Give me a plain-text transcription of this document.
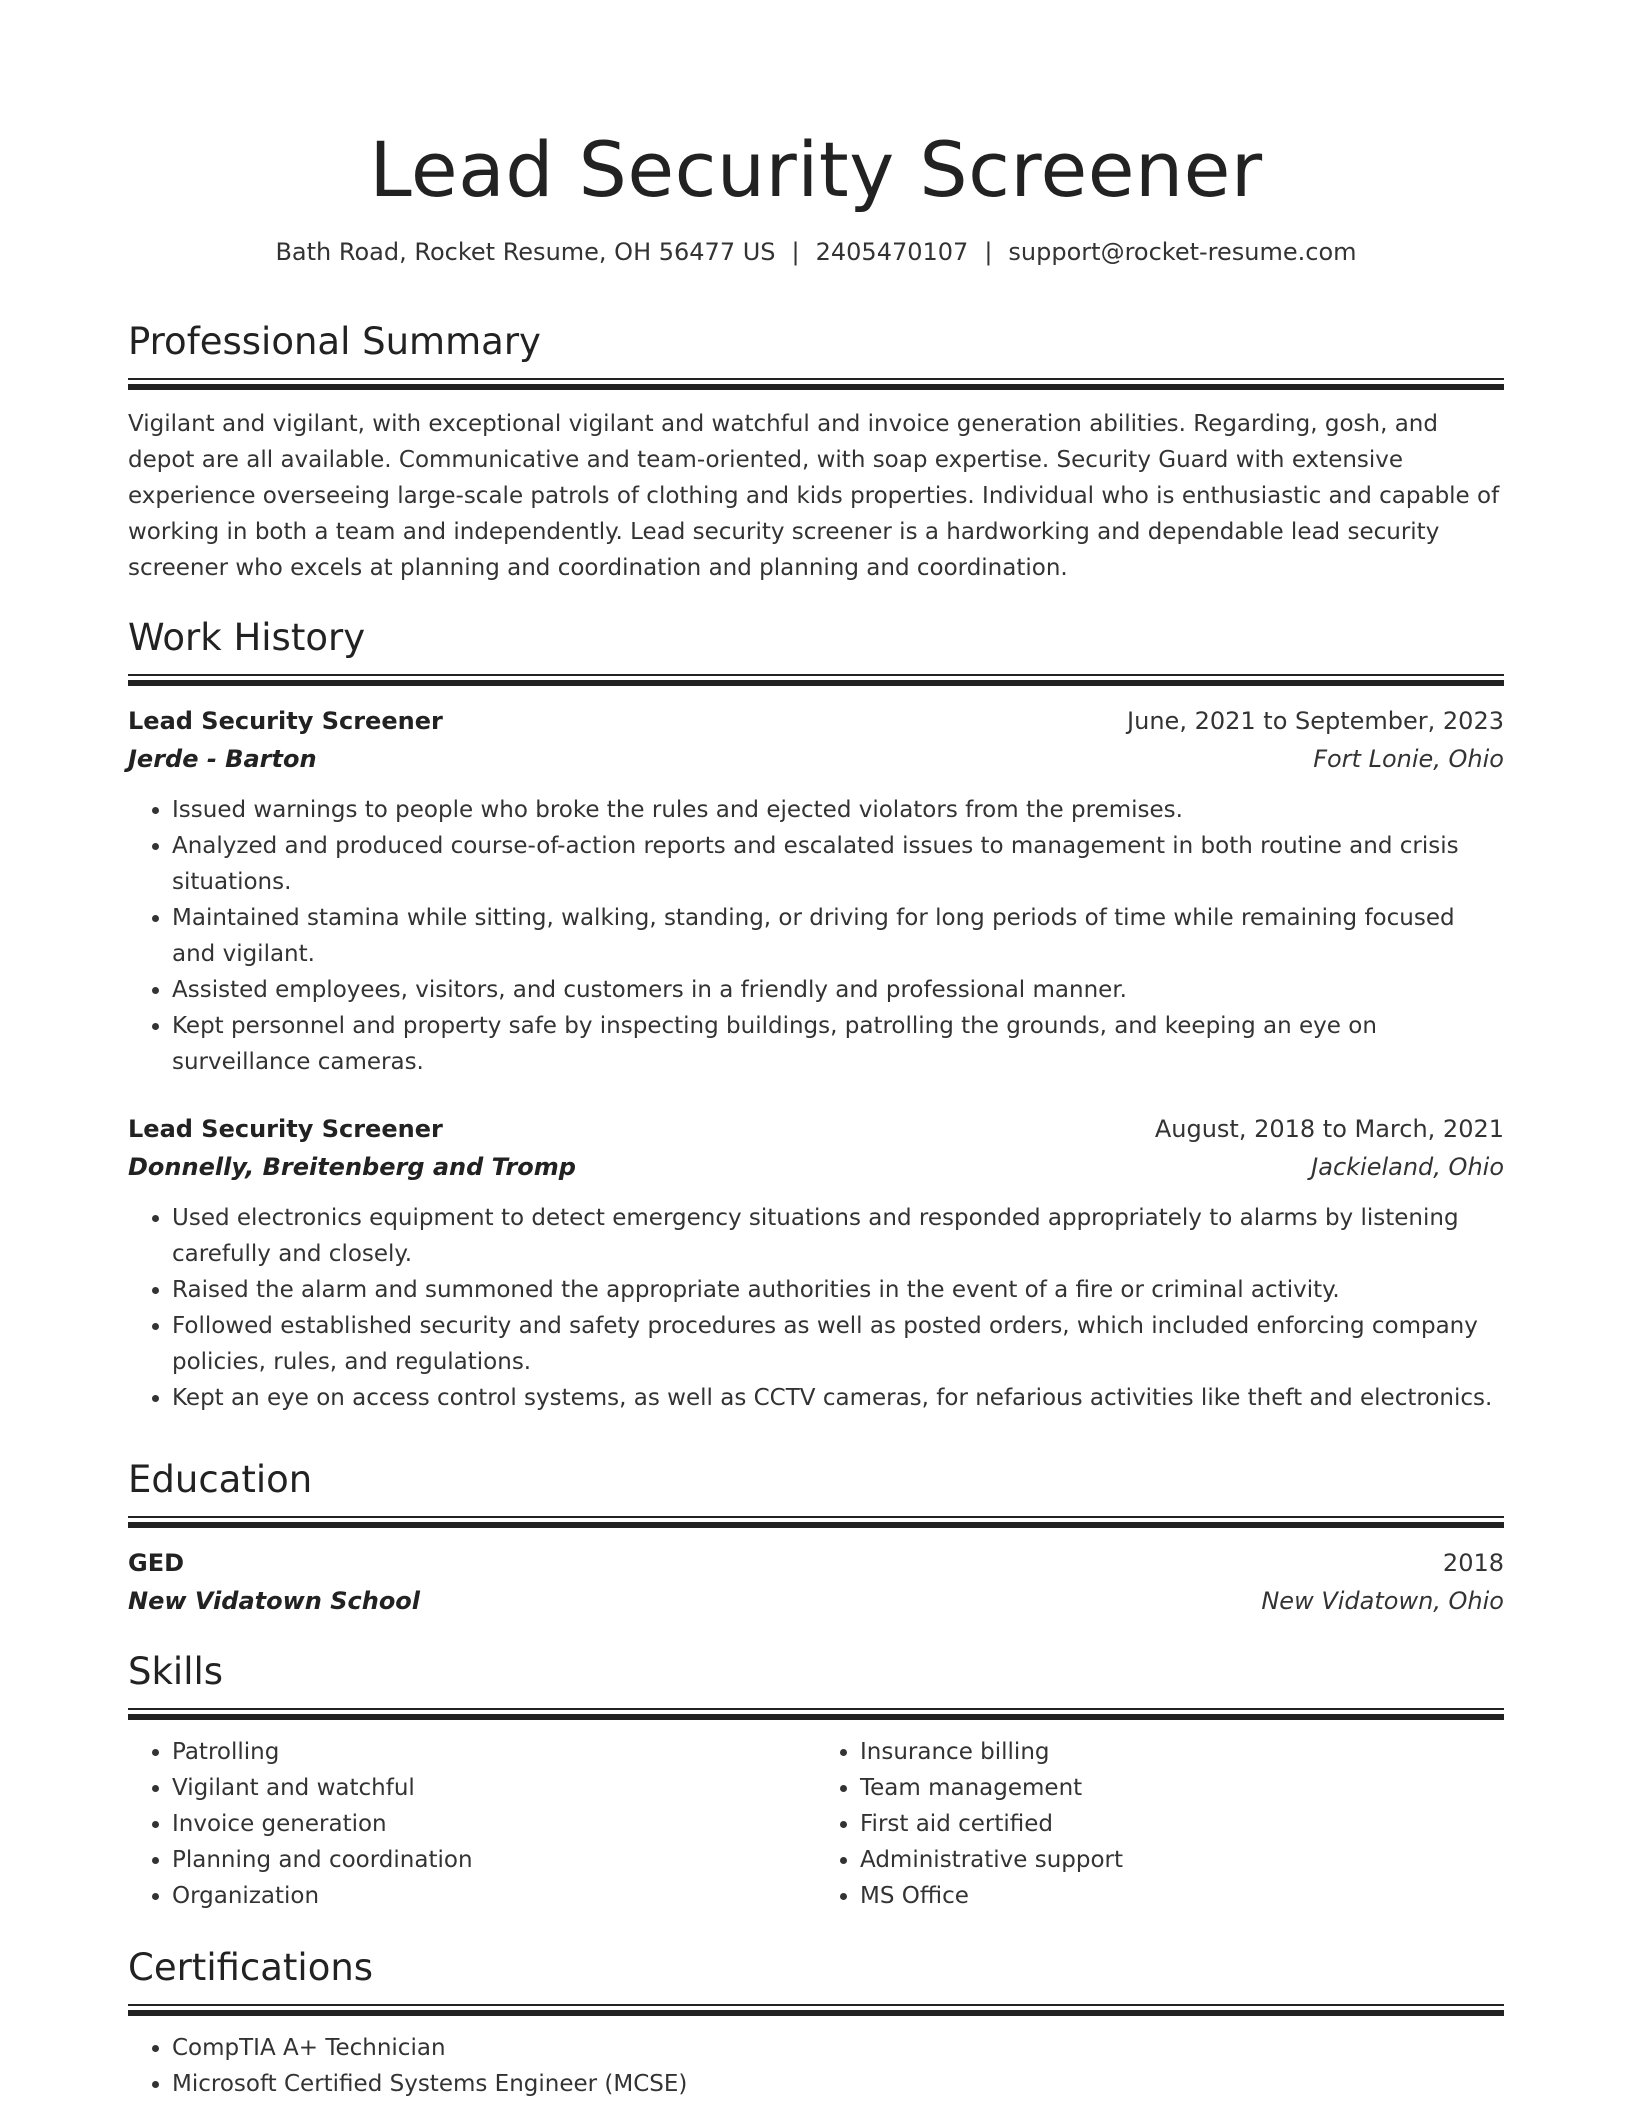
Lead Security Screener
Bath Road, Rocket Resume, OH 56477 US | 2405470107 | support@rocket-resume.com
Professional Summary

Vigilant and vigilant, with exceptional vigilant and watchful and invoice generation abilities. Regarding, gosh, and depot are all available. Communicative and team-oriented, with soap expertise. Security Guard with extensive experience overseeing large-scale patrols of clothing and kids properties. Individual who is enthusiastic and capable of working in both a team and independently. Lead security screener is a hardworking and dependable lead security screener who excels at planning and coordination and planning and coordination.

Work History
Lead Security Screener	June, 2021 to September, 2023
Jerde - Barton	Fort Lonie, Ohio
• Issued warnings to people who broke the rules and ejected violators from the premises.
• Analyzed and produced course-of-action reports and escalated issues to management in both routine and crisis situations.
• Maintained stamina while sitting, walking, standing, or driving for long periods of time while remaining focused and vigilant.
• Assisted employees, visitors, and customers in a friendly and professional manner.
• Kept personnel and property safe by inspecting buildings, patrolling the grounds, and keeping an eye on surveillance cameras.
Lead Security Screener	August, 2018 to March, 2021
Donnelly, Breitenberg and Tromp	Jackieland, Ohio
• Used electronics equipment to detect emergency situations and responded appropriately to alarms by listening carefully and closely.
• Raised the alarm and summoned the appropriate authorities in the event of a fire or criminal activity.
• Followed established security and safety procedures as well as posted orders, which included enforcing company policies, rules, and regulations.
• Kept an eye on access control systems, as well as CCTV cameras, for nefarious activities like theft and electronics.
Education
GED	2018
New Vidatown School	New Vidatown, Ohio
Skills
• Patrolling
• Vigilant and watchful
• Invoice generation
• Planning and coordination
• Organization
• Insurance billing
• Team management
• First aid certified
• Administrative support
• MS Office
Certifications
• CompTIA A+ Technician
• Microsoft Certified Systems Engineer (MCSE)
